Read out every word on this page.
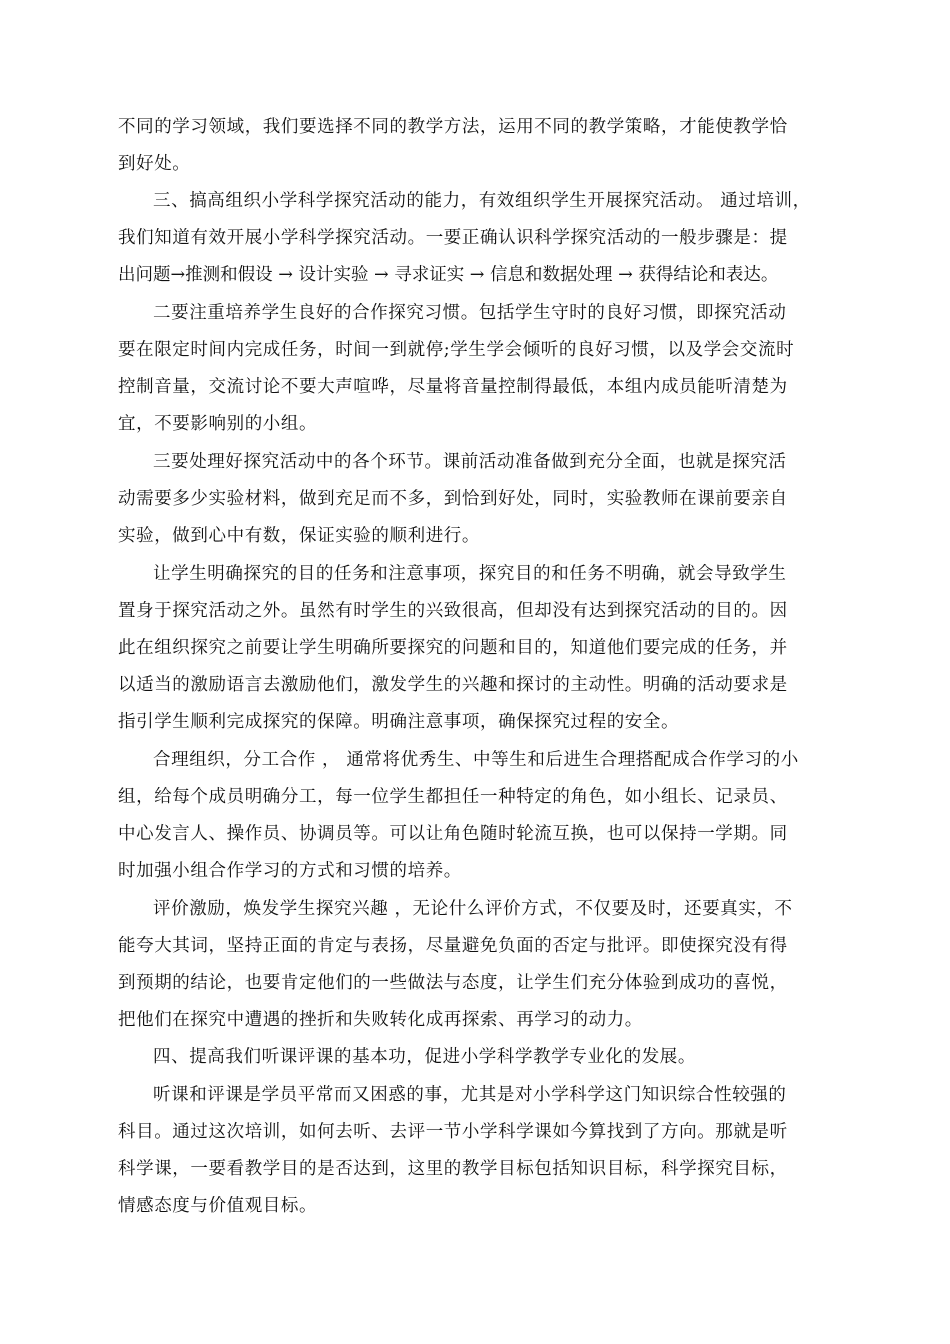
不同的学习领域，我们要选择不同的教学方法，运用不同的教学策略，才能使教学恰
到好处。
三、搞高组织小学科学探究活动的能力，有效组织学生开展探究活动。 通过培训，
我们知道有效开展小学科学探究活动。一要正确认识科学探究活动的一般步骤是：提
出问题→推测和假设 → 设计实验 → 寻求证实 → 信息和数据处理 → 获得结论和表达。
二要注重培养学生良好的合作探究习惯。包括学生守时的良好习惯，即探究活动
要在限定时间内完成任务，时间一到就停;学生学会倾听的良好习惯，以及学会交流时
控制音量，交流讨论不要大声喧哗，尽量将音量控制得最低，本组内成员能听清楚为
宜，不要影响别的小组。
三要处理好探究活动中的各个环节。课前活动准备做到充分全面，也就是探究活
动需要多少实验材料，做到充足而不多，到恰到好处，同时，实验教师在课前要亲自
实验，做到心中有数，保证实验的顺利进行。
让学生明确探究的目的任务和注意事项，探究目的和任务不明确，就会导致学生
置身于探究活动之外。虽然有时学生的兴致很高，但却没有达到探究活动的目的。因
此在组织探究之前要让学生明确所要探究的问题和目的，知道他们要完成的任务，并
以适当的激励语言去激励他们，激发学生的兴趣和探讨的主动性。明确的活动要求是
指引学生顺利完成探究的保障。明确注意事项，确保探究过程的安全。
合理组织，分工合作 ， 通常将优秀生、中等生和后进生合理搭配成合作学习的小
组，给每个成员明确分工，每一位学生都担任一种特定的角色，如小组长、记录员、
中心发言人、操作员、协调员等。可以让角色随时轮流互换，也可以保持一学期。同
时加强小组合作学习的方式和习惯的培养。
评价激励，焕发学生探究兴趣 ，无论什么评价方式，不仅要及时，还要真实，不
能夸大其词，坚持正面的肯定与表扬，尽量避免负面的否定与批评。即使探究没有得
到预期的结论，也要肯定他们的一些做法与态度，让学生们充分体验到成功的喜悦，
把他们在探究中遭遇的挫折和失败转化成再探索、再学习的动力。
四、提高我们听课评课的基本功，促进小学科学教学专业化的发展。
听课和评课是学员平常而又困惑的事，尤其是对小学科学这门知识综合性较强的
科目。通过这次培训，如何去听、去评一节小学科学课如今算找到了方向。那就是听
科学课，一要看教学目的是否达到，这里的教学目标包括知识目标，科学探究目标，
情感态度与价值观目标。
